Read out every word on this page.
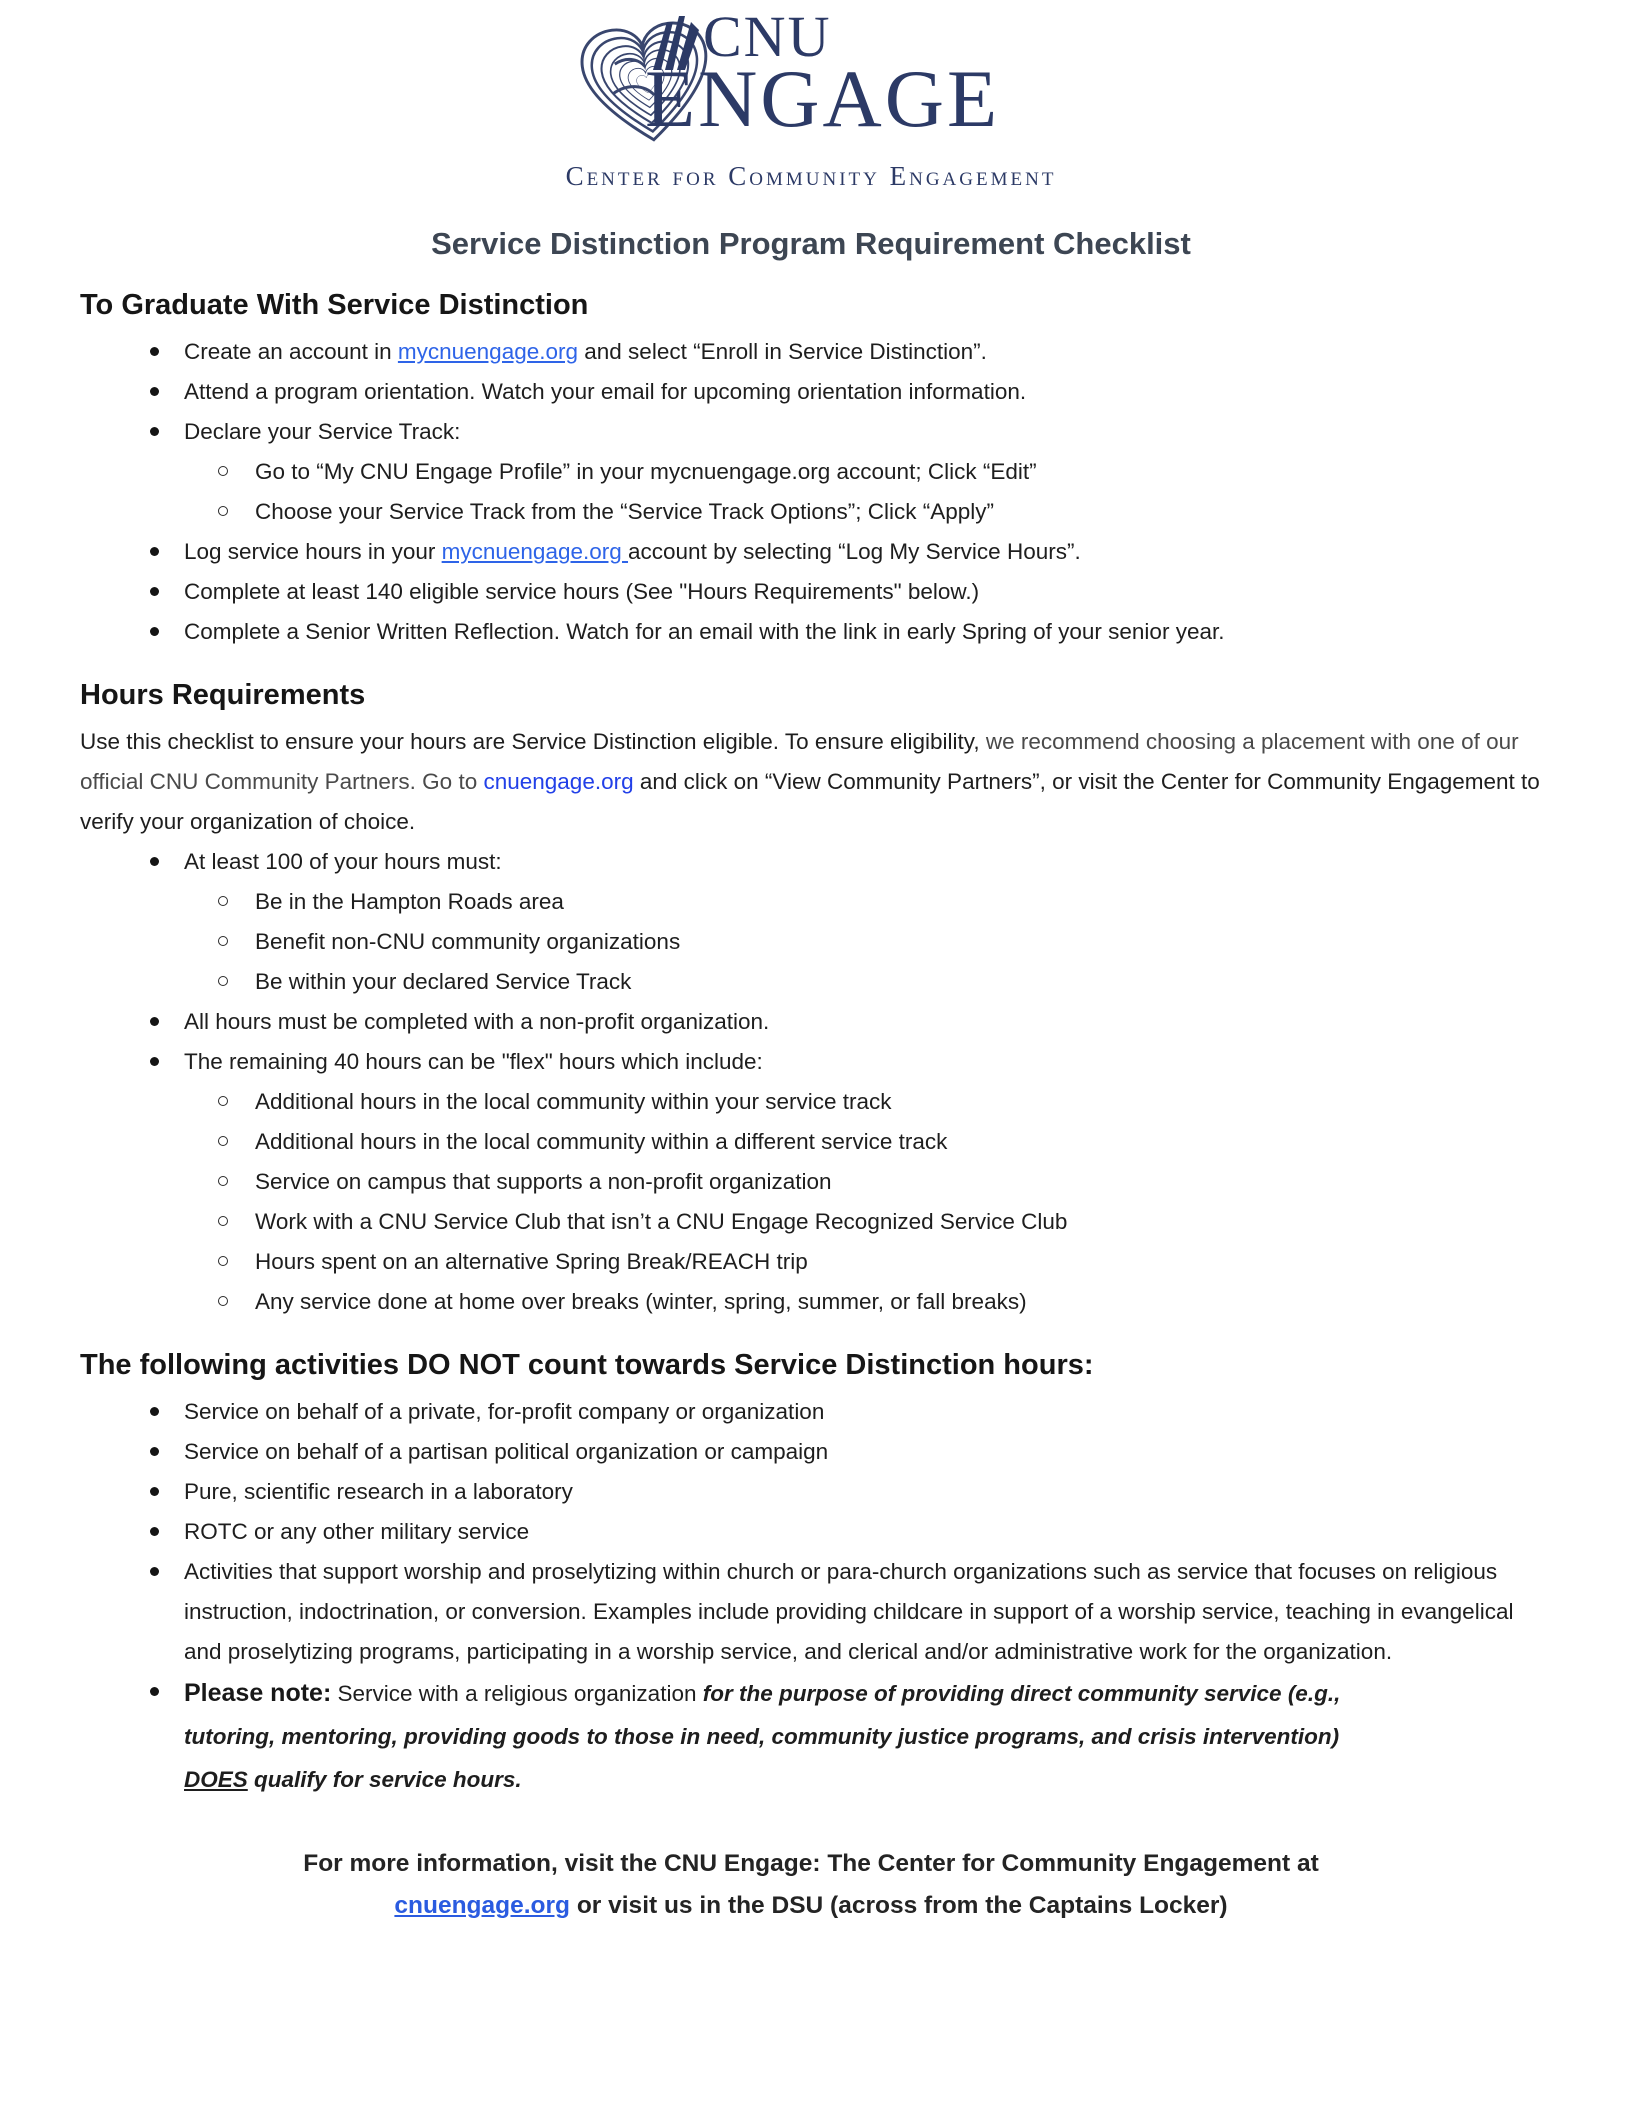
CNU
ENGAGE
Center for Community Engagement
Service Distinction Program Requirement Checklist
To Graduate With Service Distinction
Create an account in mycnuengage.org and select “Enroll in Service Distinction”.
Attend a program orientation. Watch your email for upcoming orientation information.
Declare your Service Track:
Go to “My CNU Engage Profile” in your mycnuengage.org account; Click “Edit”
Choose your Service Track from the “Service Track Options”; Click “Apply”
Log service hours in your mycnuengage.org account by selecting “Log My Service Hours”.
Complete at least 140 eligible service hours (See "Hours Requirements" below.)
Complete a Senior Written Reflection. Watch for an email with the link in early Spring of your senior year.
Hours Requirements

Use this checklist to ensure your hours are Service Distinction eligible. To ensure eligibility, we recommend choosing a placement with one of our official CNU Community Partners. Go to cnuengage.org and click on “View Community Partners”, or visit the Center for Community Engagement to verify your organization of choice.

At least 100 of your hours must:
Be in the Hampton Roads area
Benefit non-CNU community organizations
Be within your declared Service Track
All hours must be completed with a non-profit organization.
The remaining 40 hours can be "flex" hours which include:
Additional hours in the local community within your service track
Additional hours in the local community within a different service track
Service on campus that supports a non-profit organization
Work with a CNU Service Club that isn’t a CNU Engage Recognized Service Club
Hours spent on an alternative Spring Break/REACH trip
Any service done at home over breaks (winter, spring, summer, or fall breaks)
The following activities DO NOT count towards Service Distinction hours:
Service on behalf of a private, for-profit company or organization
Service on behalf of a partisan political organization or campaign
Pure, scientific research in a laboratory
ROTC or any other military service
Activities that support worship and proselytizing within church or para-church organizations such as service that focuses on religious instruction, indoctrination, or conversion. Examples include providing childcare in support of a worship service, teaching in evangelical and proselytizing programs, participating in a worship service, and clerical and/or administrative work for the organization.
Please note: Service with a religious organization for the purpose of providing direct community service (e.g., tutoring, mentoring, providing goods to those in need, community justice programs, and crisis intervention) DOES qualify for service hours.
For more information, visit the CNU Engage: The Center for Community Engagement at cnuengage.org or visit us in the DSU (across from the Captains Locker)
